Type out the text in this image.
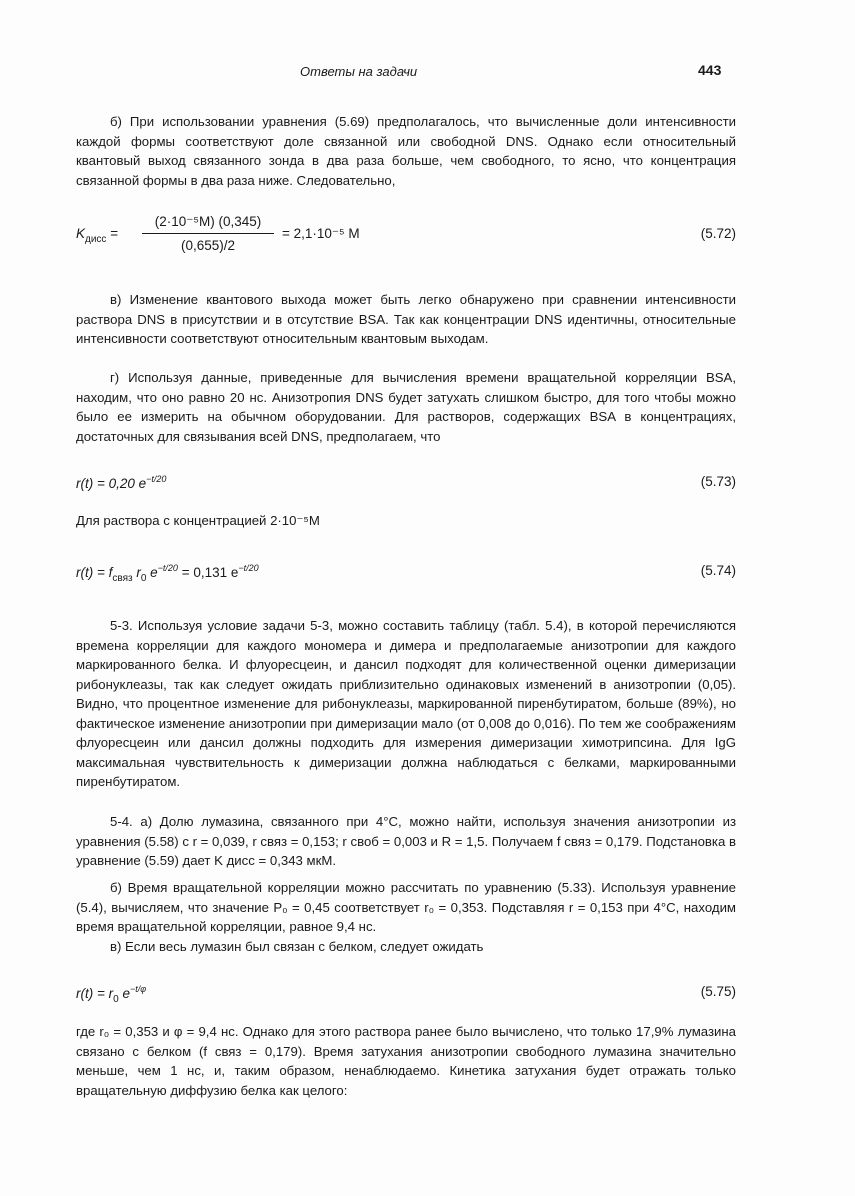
Ответы на задачи	443

б) При использовании уравнения (5.69) предполагалось, что вычисленные доли интенсивности каждой формы соответствуют доле связанной или свободной DNS. Однако если относительный квантовый выход связанного зонда в два раза больше, чем свободного, то ясно, что концентрация связанной формы в два раза ниже. Следовательно,

$K_{дисс} = \frac{\text{(2·10⁻⁵M) (0,345)}}{(0,655)/2} = 2,1\cdot 10^{-5}$ M	(5.72)

в) Изменение квантового выхода может быть легко обнаружено при сравнении интенсивности раствора DNS в присутствии и в отсутствие BSA. Так как концентрации DNS идентичны, относительные интенсивности соответствуют относительным квантовым выходам.

г) Используя данные, приведенные для вычисления времени вращательной корреляции BSA, находим, что оно равно 20 нс. Анизотропия DNS будет затухать слишком быстро, для того чтобы можно было ее измерить на обычном оборудовании. Для растворов, содержащих BSA в концентрациях, достаточных для связывания всей DNS, предполагаем, что

r(t) = 0,20 $e^{-t/20}$	(5.73)

Для раствора с концентрацией 2·10⁻⁵M

$r(t) = f_{связ}$ $r_0$ $e^{-t/20} = 0,131$ $e^{-t/20}$	(5.74)

5-3. Используя условие задачи 5-3, можно составить таблицу (табл. 5.4), в которой перечисляются времена корреляции для каждого мономера и димера и предполагаемые анизотропии для каждого маркированного белка. И флуоресцеин, и дансил подходят для количественной оценки димеризации рибонуклеазы, так как следует ожидать приблизительно одинаковых изменений в анизотропии (0,05). Видно, что процентное изменение для рибонуклеазы, маркированной пиренбутиратом, больше (89%), но фактическое изменение анизотропии при димеризации мало (от 0,008 до 0,016). По тем же соображениям флуоресцеин или дансил должны подходить для измерения димеризации химотрипсина. Для IgG максимальная чувствительность к димеризации должна наблюдаться с белками, маркированными пиренбутиратом.

5-4. а) Долю лумазина, связанного при 4°C, можно найти, используя значения анизотропии из уравнения (5.58) с r = 0,039, r связ = 0,153; r своб = 0,003 и R = 1,5. Получаем f связ = 0,179. Подстановка в уравнение (5.59) дает K дисс = 0,343 мкМ.

б) Время вращательной корреляции можно рассчитать по уравнению (5.33). Используя уравнение (5.4), вычисляем, что значение P₀ = 0,45 соответствует r₀ = 0,353. Подставляя r = 0,153 при 4°C, находим время вращательной корреляции, равное 9,4 нс.

в) Если весь лумазин был связан с белком, следует ожидать

$r(t) = r_0$ $e^{-t/\varphi}$	(5.75)

где r₀ = 0,353 и φ = 9,4 нс. Однако для этого раствора ранее было вычислено, что только 17,9% лумазина связано с белком (f связ = 0,179). Время затухания анизотропии свободного лумазина значительно меньше, чем 1 нс, и, таким образом, ненаблюдаемо. Кинетика затухания будет отражать только вращательную диффузию белка как целого:
